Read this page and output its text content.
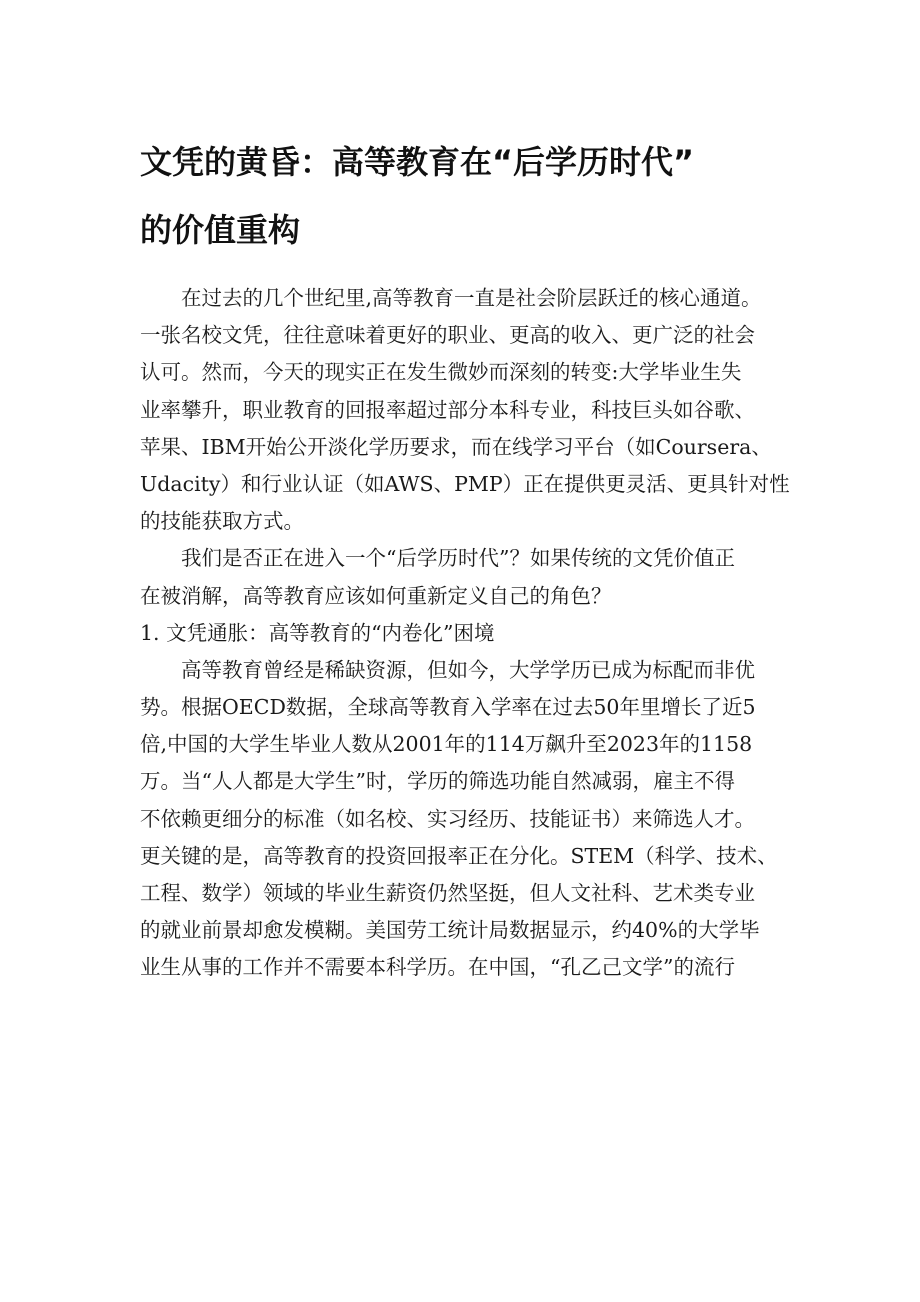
文凭的黄昏：高等教育在“后学历时代”
的价值重构
在过去的几个世纪里,高等教育一直是社会阶层跃迁的核心通道。
一张名校文凭，往往意味着更好的职业、更高的收入、更广泛的社会
认可。然而，今天的现实正在发生微妙而深刻的转变:大学毕业生失
业率攀升，职业教育的回报率超过部分本科专业，科技巨头如谷歌、
苹果、IBM开始公开淡化学历要求，而在线学习平台（如Coursera、
Udacity）和行业认证（如AWS、PMP）正在提供更灵活、更具针对性
的技能获取方式。
我们是否正在进入一个“后学历时代”？如果传统的文凭价值正
在被消解，高等教育应该如何重新定义自己的角色？
1. 文凭通胀：高等教育的“内卷化”困境
高等教育曾经是稀缺资源，但如今，大学学历已成为标配而非优
势。根据OECD数据，全球高等教育入学率在过去50年里增长了近5
倍,中国的大学生毕业人数从2001年的114万飙升至2023年的1158
万。当“人人都是大学生”时，学历的筛选功能自然减弱，雇主不得
不依赖更细分的标准（如名校、实习经历、技能证书）来筛选人才。
更关键的是，高等教育的投资回报率正在分化。STEM（科学、技术、
工程、数学）领域的毕业生薪资仍然坚挺，但人文社科、艺术类专业
的就业前景却愈发模糊。美国劳工统计局数据显示，约40%的大学毕
业生从事的工作并不需要本科学历。在中国，“孔乙己文学”的流行
